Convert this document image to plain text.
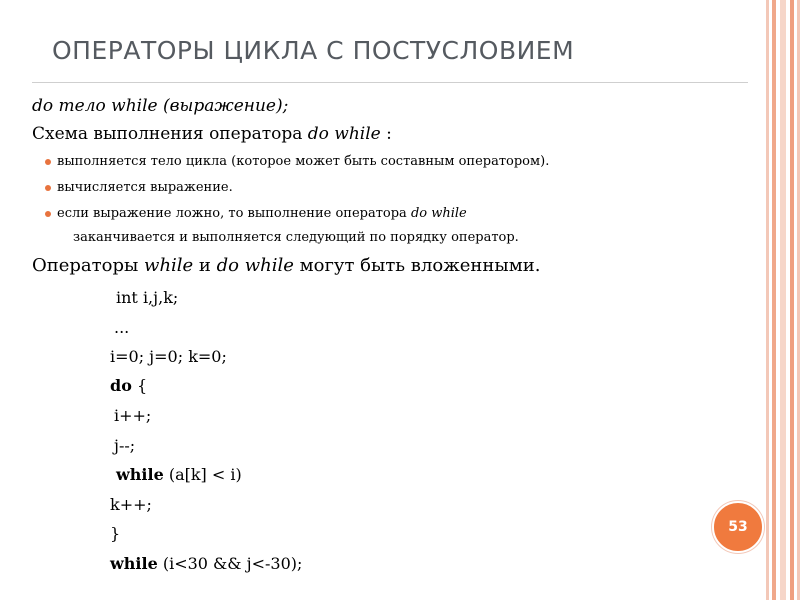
ОПЕРАТОРЫ ЦИКЛА С ПОСТУСЛОВИЕМ
do тело while (выражение);
Схема выполнения оператора do while :
выполняется тело цикла (которое может быть составным оператором).
вычисляется выражение.
если выражение ложно, то выполнение оператора do while
заканчивается и выполняется следующий по порядку оператор.
Операторы while и do while могут быть вложенными.
int i,j,k;
...
i=0; j=0; k=0;
do {
i++;
j--;
while (a[k] < i)
k++;
}
while (i<30 && j<-30);
53
